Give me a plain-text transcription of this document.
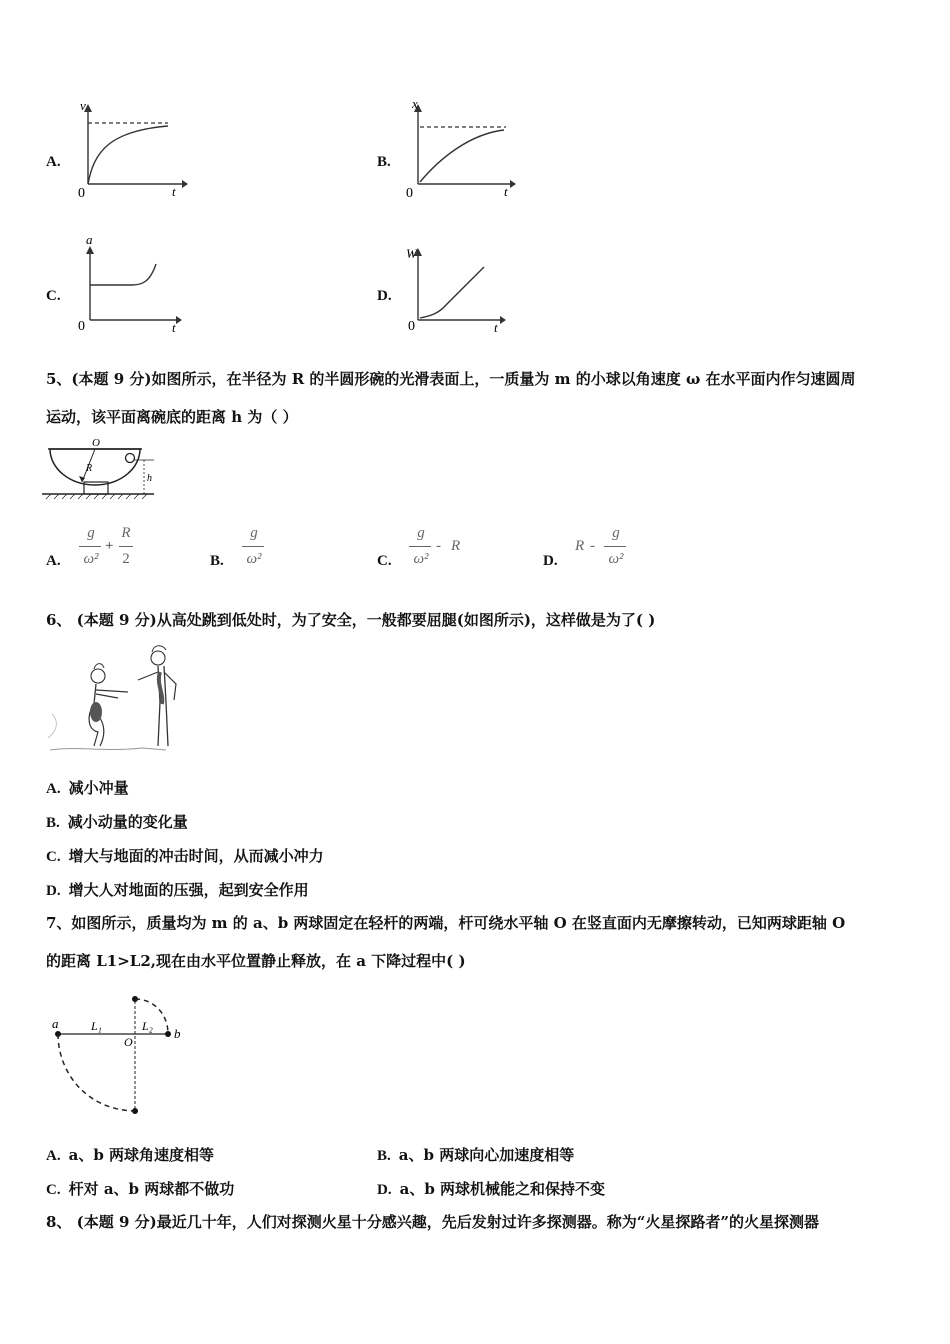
A.
v
t
0
B.
x
t
0
C.
a
t
0
D.
W
t
0
5、(本题 9 分)如图所示，在半径为 R 的半圆形碗的光滑表面上，一质量为 m 的小球以角速度 ω 在水平面内作匀速圆周
运动，该平面离碗底的距离 h 为（ ）
O
R
h
A.
g
ω²
+
R
2	B.
g
ω²	C.
g
ω²
- R
D.
R -
g
ω²
6、 (本题 9 分)从高处跳到低处时，为了安全，一般都要屈腿(如图所示)，这样做是为了( )
A. 减小冲量
B. 减小动量的变化量
C. 增大与地面的冲击时间，从而减小冲力
D. 增大人对地面的压强，起到安全作用
7、如图所示，质量均为 m 的 a、b 两球固定在轻杆的两端，杆可绕水平轴 O 在竖直面内无摩擦转动，已知两球距轴 O
的距离 L1>L2,现在由水平位置静止释放，在 a 下降过程中( )
a	L₁	L₂
O
b
A. a、b 两球角速度相等	B. a、b 两球向心加速度相等
C. 杆对 a、b 两球都不做功	D. a、b 两球机械能之和保持不变
8、 (本题 9 分)最近几十年，人们对探测火星十分感兴趣，先后发射过许多探测器。称为“火星探路者”的火星探测器
